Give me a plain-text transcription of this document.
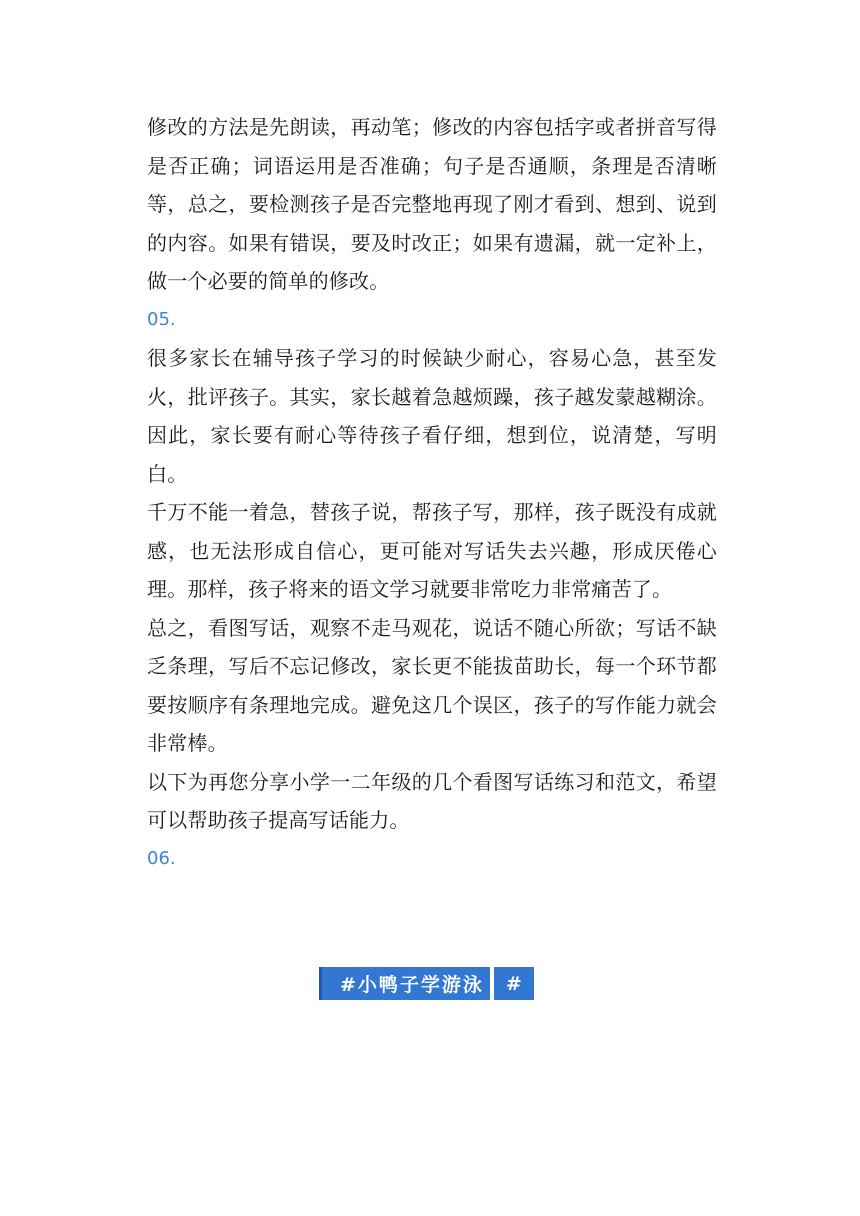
修改的方法是先朗读，再动笔；修改的内容包括字或者拼音写得是否正确；词语运用是否准确；句子是否通顺，条理是否清晰等，总之，要检测孩子是否完整地再现了刚才看到、想到、说到的内容。如果有错误，要及时改正；如果有遗漏，就一定补上，做一个必要的简单的修改。

05.

很多家长在辅导孩子学习的时候缺少耐心，容易心急，甚至发火，批评孩子。其实，家长越着急越烦躁，孩子越发蒙越糊涂。因此，家长要有耐心等待孩子看仔细，想到位，说清楚，写明白。

千万不能一着急，替孩子说，帮孩子写，那样，孩子既没有成就感，也无法形成自信心，更可能对写话失去兴趣，形成厌倦心理。那样，孩子将来的语文学习就要非常吃力非常痛苦了。

总之，看图写话，观察不走马观花，说话不随心所欲；写话不缺乏条理，写后不忘记修改，家长更不能拔苗助长，每一个环节都要按顺序有条理地完成。避免这几个误区，孩子的写作能力就会非常棒。

以下为再您分享小学一二年级的几个看图写话练习和范文，希望可以帮助孩子提高写话能力。

06.
#小鸭子学游泳	#
